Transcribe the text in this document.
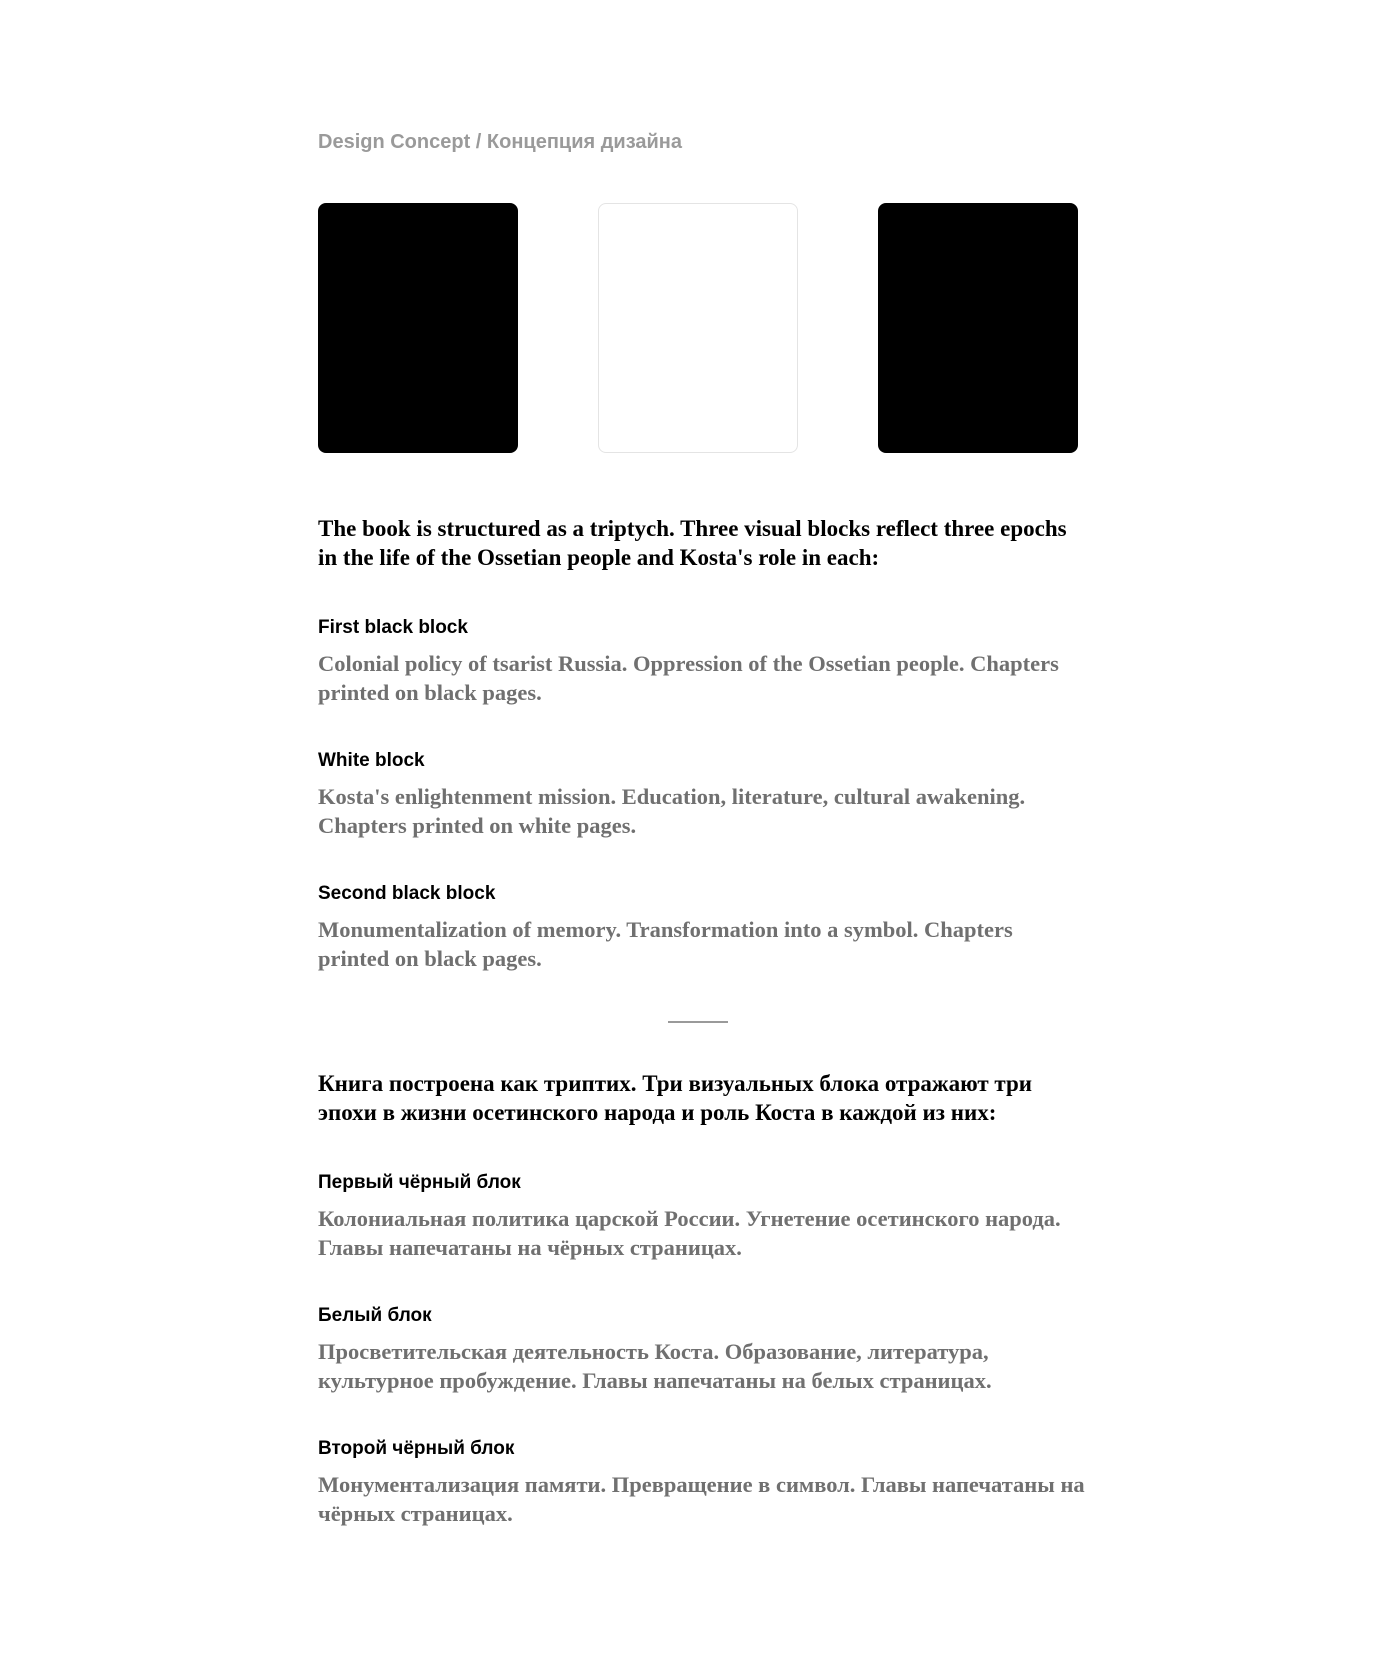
Design Concept / Концепция дизайна

The book is structured as a triptych. Three visual blocks reflect three epochs in the life of the Ossetian people and Kosta's role in each:

First black block

Colonial policy of tsarist Russia. Oppression of the Ossetian people. Chapters printed on black pages.

White block

Kosta's enlightenment mission. Education, literature, cultural awakening. Chapters printed on white pages.

Second black block

Monumentalization of memory. Transformation into a symbol. Chapters printed on black pages.

Книга построена как триптих. Три визуальных блока отражают три эпохи в жизни осетинского народа и роль Коста в каждой из них:

Первый чёрный блок

Колониальная политика царской России. Угнетение осетинского народа. Главы напечатаны на чёрных страницах.

Белый блок

Просветительская деятельность Коста. Образование, литература, культурное пробуждение. Главы напечатаны на белых страницах.

Второй чёрный блок

Монументализация памяти. Превращение в символ. Главы напечатаны на чёрных страницах.
